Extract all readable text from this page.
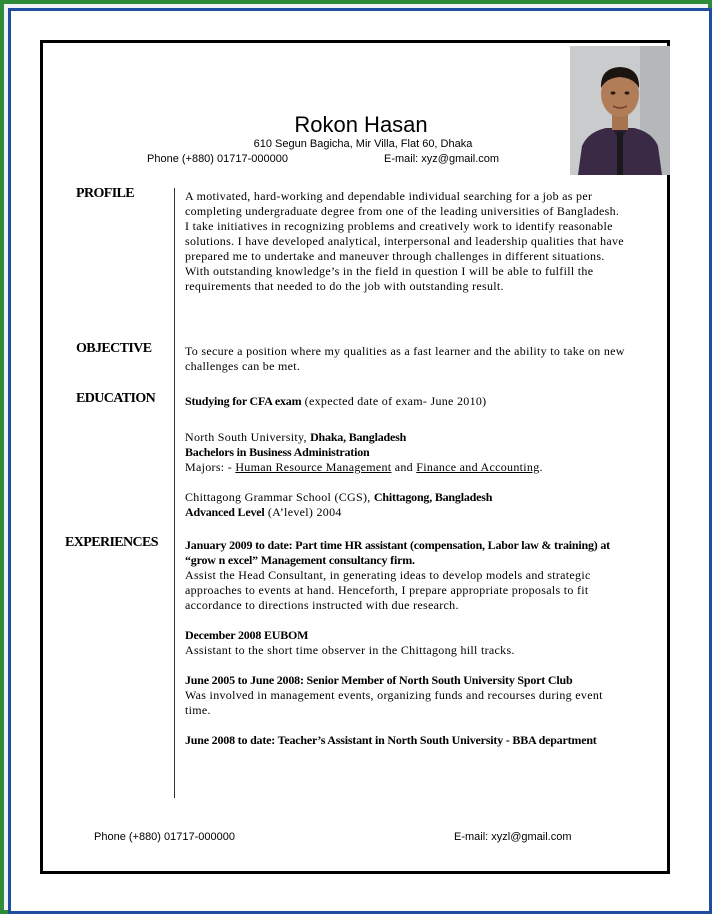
Rokon Hasan
610 Segun Bagicha, Mir Villa, Flat 60, Dhaka
Phone (+880) 01717-000000	E-mail: xyz@gmail.com
PROFILE	A motivated, hard-working and dependable individual searching for a job as per completing undergraduate degree from one of the leading universities of Bangladesh. I take initiatives in recognizing problems and creatively work to identify reasonable solutions. I have developed analytical, interpersonal and leadership qualities that have prepared me to undertake and maneuver through challenges in different situations. With outstanding knowledge’s in the field in question I will be able to fulfill the requirements that needed to do the job with outstanding result.

OBJECTIVE	To secure a position where my qualities as a fast learner and the ability to take on new challenges can be met.

EDUCATION Studying for CFA exam (expected date of exam- June 2010)

North South University, Dhaka, Bangladesh

Bachelors in Business Administration

Majors: - Human Resource Management and Finance and Accounting.

Chittagong Grammar School (CGS), Chittagong, Bangladesh

Advanced Level (A’level) 2004

EXPERIENCES January 2009 to date: Part time HR assistant (compensation, Labor law & training) at “grow n excel” Management consultancy firm.

Assist the Head Consultant, in generating ideas to develop models and strategic approaches to events at hand. Henceforth, I prepare appropriate proposals to fit accordance to directions instructed with due research.

December 2008 EUBOM

Assistant to the short time observer in the Chittagong hill tracks.

June 2005 to June 2008: Senior Member of North South University Sport Club

Was involved in management events, organizing funds and recourses during event time.

June 2008 to date: Teacher’s Assistant in North South University - BBA department

Phone (+880) 01717-000000	E-mail: xyzl@gmail.com
